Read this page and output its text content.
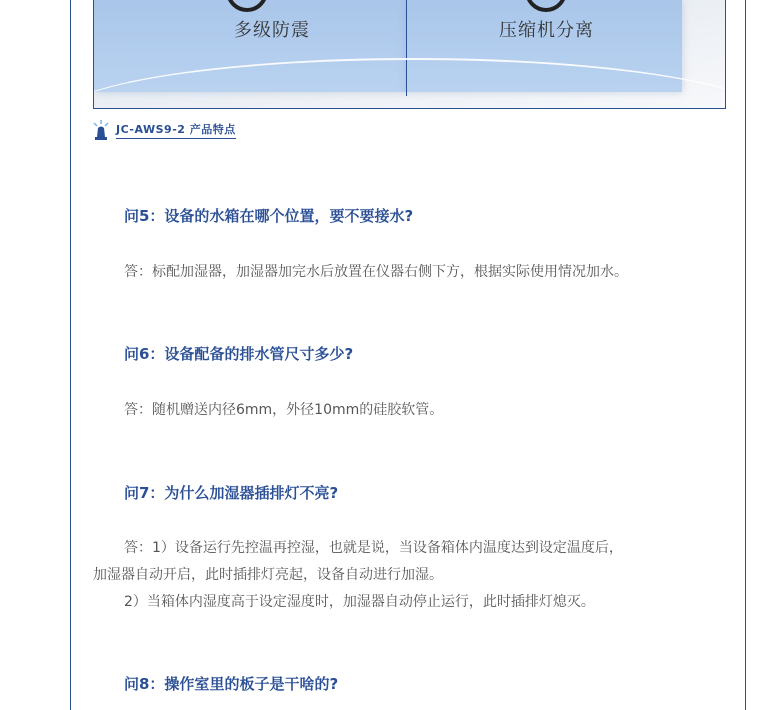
多级防震	压缩机分离
JC-AWS9-2 产品特点
问5：设备的水箱在哪个位置，要不要接水?
答：标配加湿器，加湿器加完水后放置在仪器右侧下方，根据实际使用情况加水。
问6：设备配备的排水管尺寸多少?
答：随机赠送内径6mm，外径10mm的硅胶软管。
问7：为什么加湿器插排灯不亮?
答：1）设备运行先控温再控湿，也就是说，当设备箱体内温度达到设定温度后，
加湿器自动开启，此时插排灯亮起，设备自动进行加湿。
2）当箱体内湿度高于设定湿度时，加湿器自动停止运行，此时插排灯熄灭。
问8：操作室里的板子是干啥的?
